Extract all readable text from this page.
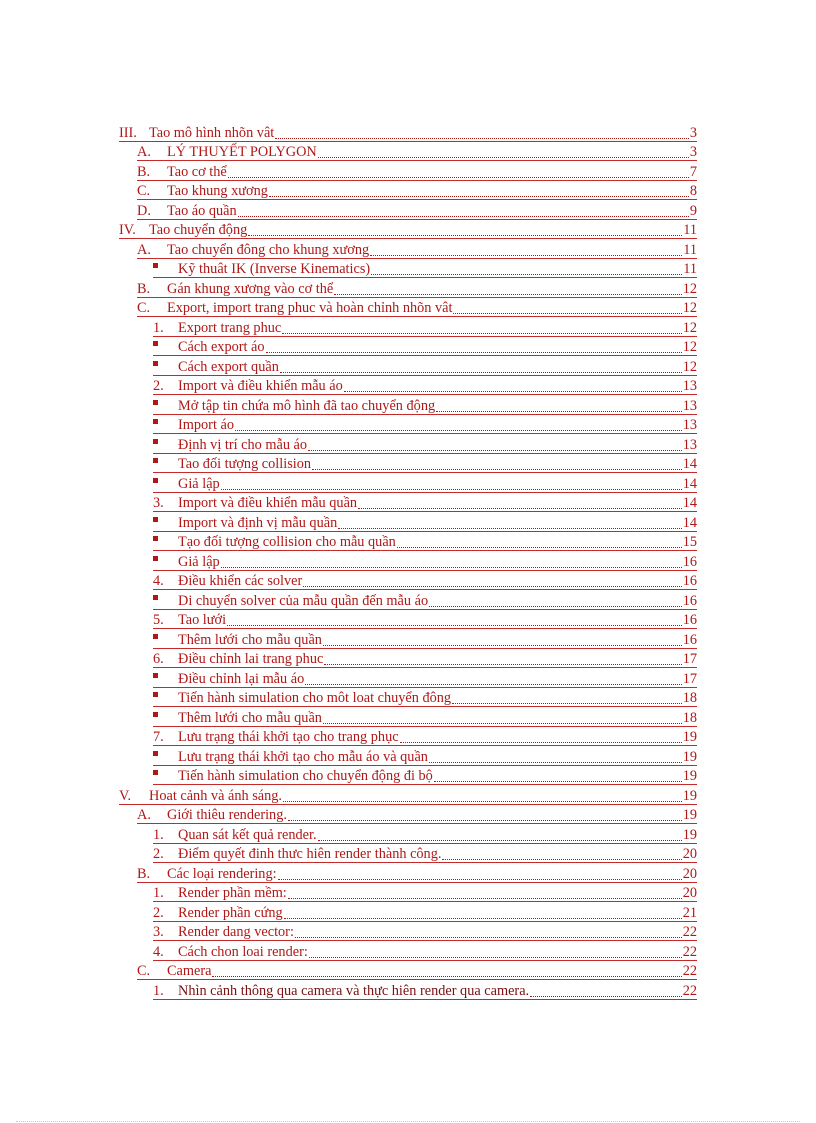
III. Tao mô hình nhõn vât	3
A.	LÝ THUYẾT POLYGON	3
B.	Tao cơ thể	7
C.	Tao khung xương	8
D.	Tao áo quần	9
IV. Tao chuyển động	11
A.	Tao chuyển đông cho khung xương	11
Kỹ thuât IK (Inverse Kinematics)	11
B.	Gán khung xương vào cơ thể	12
C.	Export, import trang phuc và hoàn chỉnh nhõn vât	12
1. Export trang phuc	12
Cách export áo	12
Cách export quần	12
2. Import và điều khiển mẫu áo	13
Mở tập tin chứa mô hình đã tao chuyển động	13
Import áo	13
Định vị trí cho mẫu áo	13
Tao đối tượng collision	14
Giả lập	14
3. Import và điều khiển mẫu quần	14
Import và định vị mẫu quần	14
Tạo đối tượng collision cho mẫu quần	15
Giả lập	16
4. Điều khiển các solver	16
Di chuyển solver của mẫu quần đến mẫu áo	16
5. Tao lưới	16
Thêm lưới cho mẫu quần	16
6. Điều chỉnh lai trang phuc	17
Điều chỉnh lại mẫu áo	17
Tiến hành simulation cho môt loat chuyển đông	18
Thêm lưới cho mẫu quần	18
7. Lưu trạng thái khởi tạo cho trang phục	19
Lưu trạng thái khởi tạo cho mẫu áo và quần	19
Tiến hành simulation cho chuyển động đi bộ	19
V.	Hoat cảnh và ánh sáng.	19
A.	Giới thiêu rendering.	19
1. Quan sát kết quả render.	19
2. Điểm quyết đinh thưc hiên render thành công.	20
B.	Các loại rendering:	20
1. Render phần mềm:	20
2. Render phần cứng	21
3. Render dang vector:	22
4. Cách chon loai render:	22
C.	Camera	22
1. Nhìn cảnh thông qua camera và thực hiên render qua camera.	22
